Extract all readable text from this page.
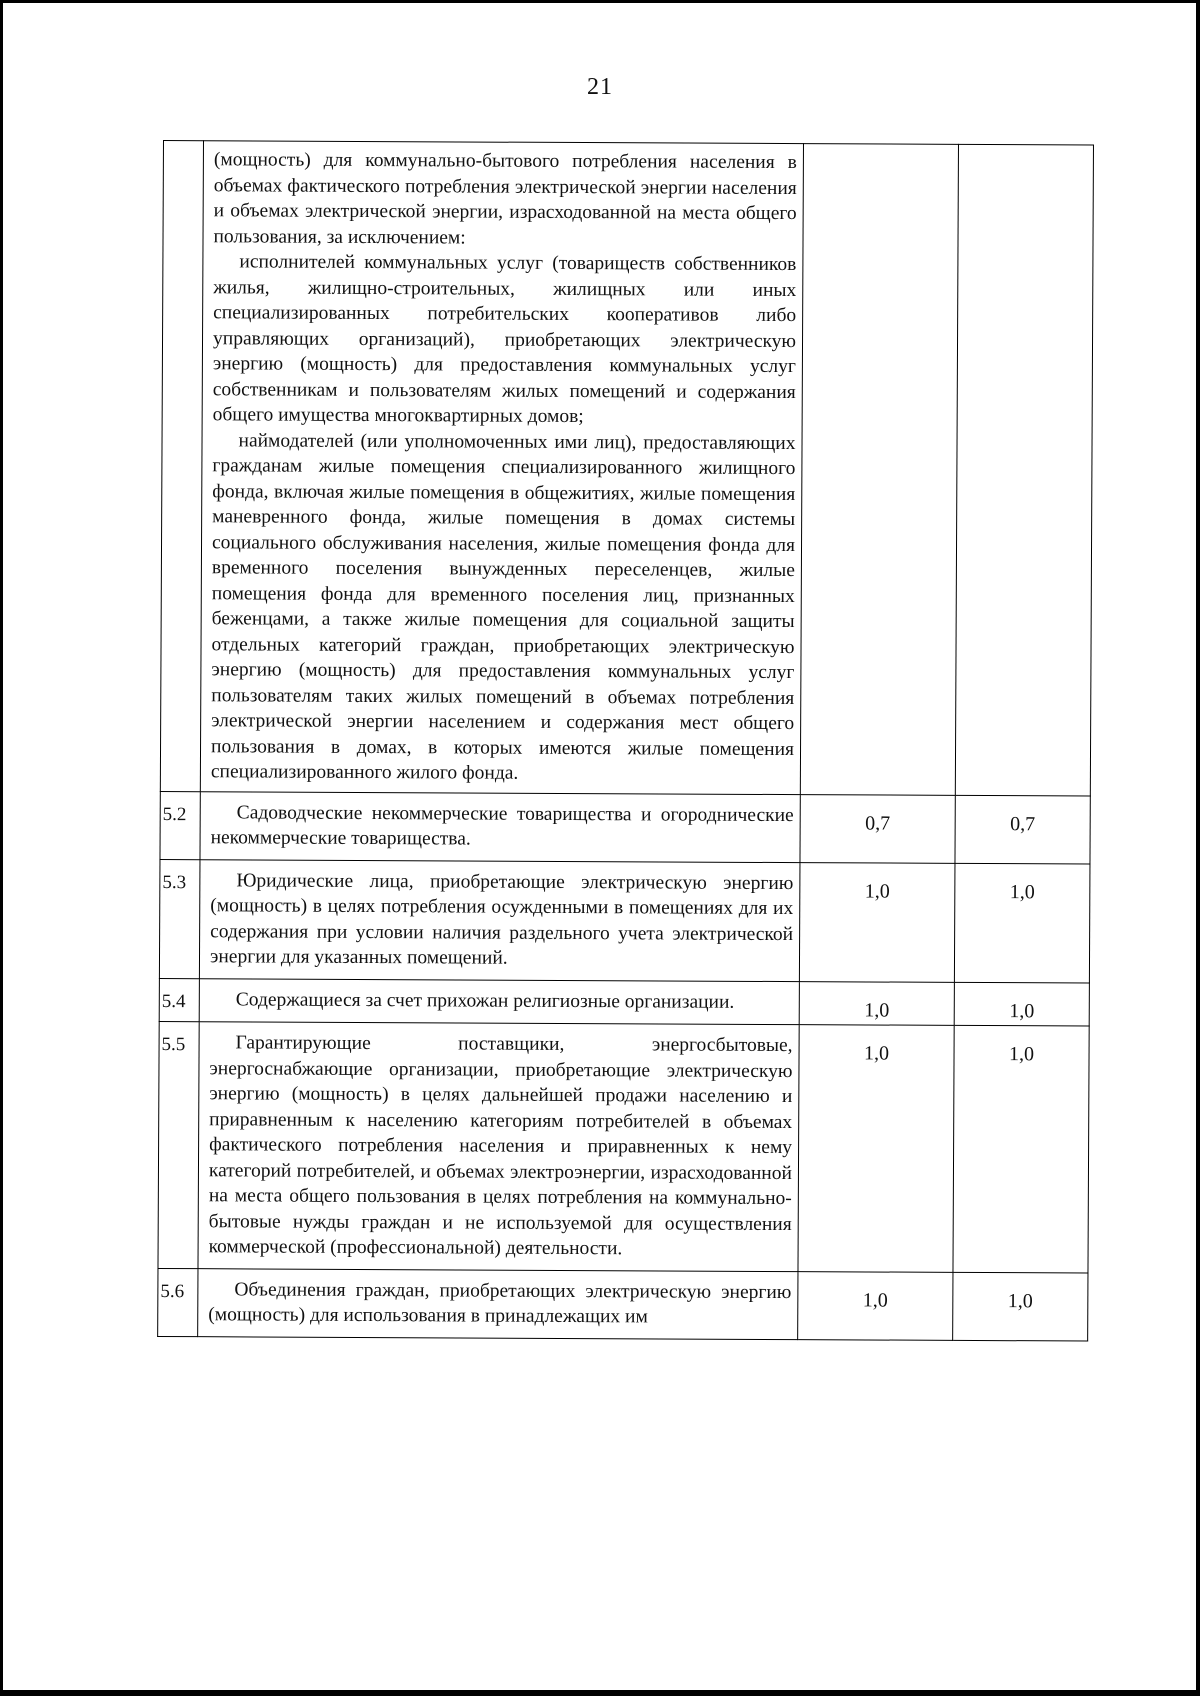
21

	(мощность) для коммунально-бытового потребления населения в объемах фактического потребления электрической энергии населения и объемах электрической энергии, израсходованной на места общего пользования, за исключением:

исполнителей коммунальных услуг (товариществ собственников жилья, жилищно-строительных, жилищных или иных специализированных потребительских кооперативов либо управляющих организаций), приобретающих электрическую энергию (мощность) для предоставления коммунальных услуг собственникам и пользователям жилых помещений и содержания общего имущества многоквартирных домов;

наймодателей (или уполномоченных ими лиц), предоставляющих гражданам жилые помещения специализированного жилищного фонда, включая жилые помещения в общежитиях, жилые помещения маневренного фонда, жилые помещения в домах системы социального обслуживания населения, жилые помещения фонда для временного поселения вынужденных переселенцев, жилые помещения фонда для временного поселения лиц, признанных беженцами, а также жилые помещения для социальной защиты отдельных категорий граждан, приобретающих электрическую энергию (мощность) для предоставления коммунальных услуг пользователям таких жилых помещений в объемах потребления электрической энергии населением и содержания мест общего пользования в домах, в которых имеются жилые помещения специализированного жилого фонда.		

5.2	Садоводческие некоммерческие товарищества и огороднические некоммерческие товарищества.	0,7	0,7
5.3	Юридические лица, приобретающие электрическую энергию (мощность) в целях потребления осужденными в помещениях для их содержания при условии наличия раздельного учета электрической энергии для указанных помещений.	1,0	1,0
5.4	Содержащиеся за счет прихожан религиозные организации.	1,0	1,0
5.5	Гарантирующие поставщики, энергосбытовые, энергоснабжающие организации, приобретающие электрическую энергию (мощность) в целях дальнейшей продажи населению и приравненным к населению категориям потребителей в объемах фактического потребления населения и приравненных к нему категорий потребителей, и объемах электроэнергии, израсходованной на места общего пользования в целях потребления на коммунально-бытовые нужды граждан и не используемой для осуществления коммерческой (профессиональной) деятельности.	1,0	1,0
5.6	Объединения граждан, приобретающих электрическую энергию (мощность) для использования в принадлежащих им	1,0	1,0
